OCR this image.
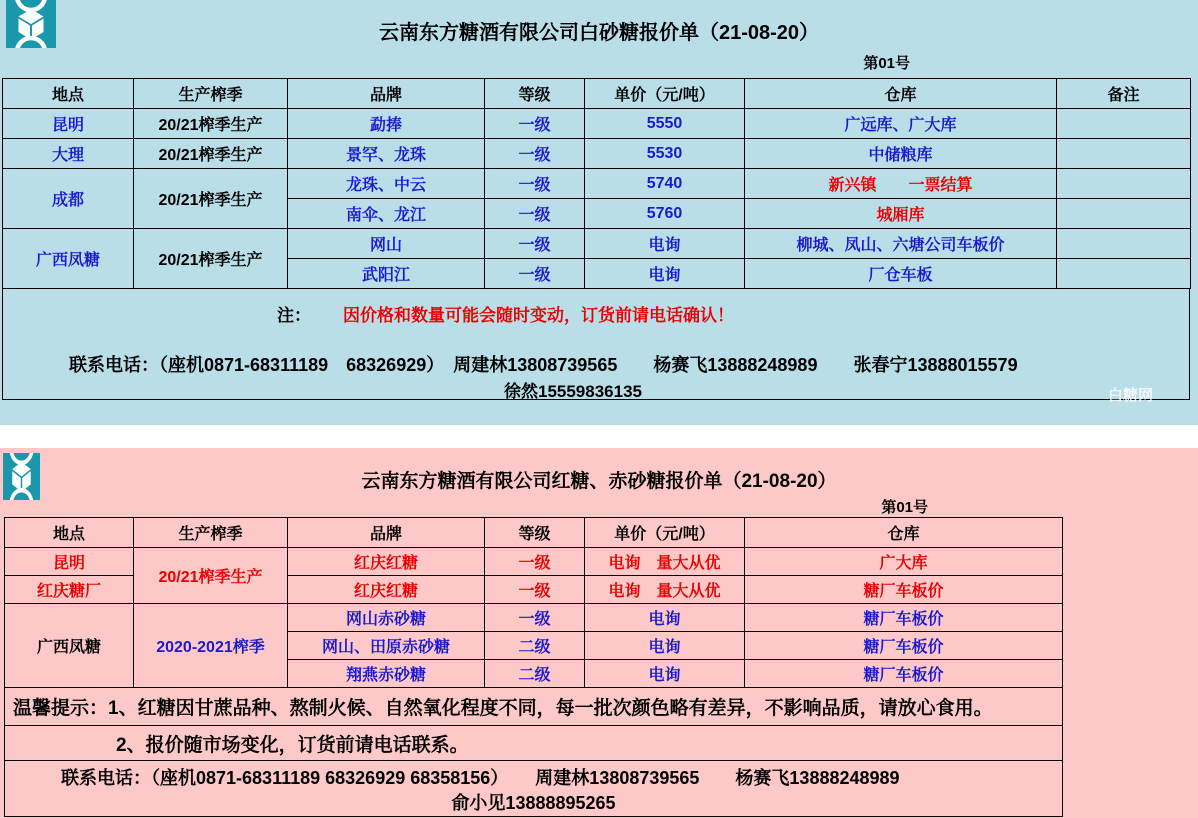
云南东方糖酒有限公司白砂糖报价单（21-08-20）
第01号
地点	生产榨季	品牌	等级	单价（元/吨）	仓库	备注
昆明	20/21榨季生产	勐捧	一级	5550	广远库、广大库	
大理	20/21榨季生产	景罕、龙珠	一级	5530	中储粮库	
成都	20/21榨季生产	龙珠、中云	一级	5740	新兴镇　　一票结算	
		南伞、龙江	一级	5760	城厢库	
广西凤糖	20/21榨季生产	网山	一级	电询	柳城、凤山、六塘公司车板价	
		武阳江	一级	电询	厂仓车板	
注： 因价格和数量可能会随时变动，订货前请电话确认！
联系电话：（座机0871-68311189　68326929）　周建林13808739565　　杨赛飞13888248989　　张春宁13888015579
徐然15559836135	白糖网
云南东方糖酒有限公司红糖、赤砂糖报价单（21-08-20）
第01号
地点	生产榨季	品牌	等级	单价（元/吨）	仓库
昆明	20/21榨季生产	红庆红糖	一级	电询　量大从优	广大库
红庆糖厂		红庆红糖	一级	电询　量大从优	糖厂车板价
广西凤糖	2020-2021榨季	网山赤砂糖	一级	电询	糖厂车板价
		网山、田原赤砂糖	二级	电询	糖厂车板价
		翔燕赤砂糖	二级	电询	糖厂车板价
温馨提示：1、红糖因甘蔗品种、熬制火候、自然氧化程度不同，每一批次颜色略有差异，不影响品质，请放心食用。					
2、报价随市场变化，订货前请电话联系。					

联系电话：（座机0871-68311189 68326929 68358156）　　周建林13808739565　　杨赛飞13888248989
俞小见13888895265					
